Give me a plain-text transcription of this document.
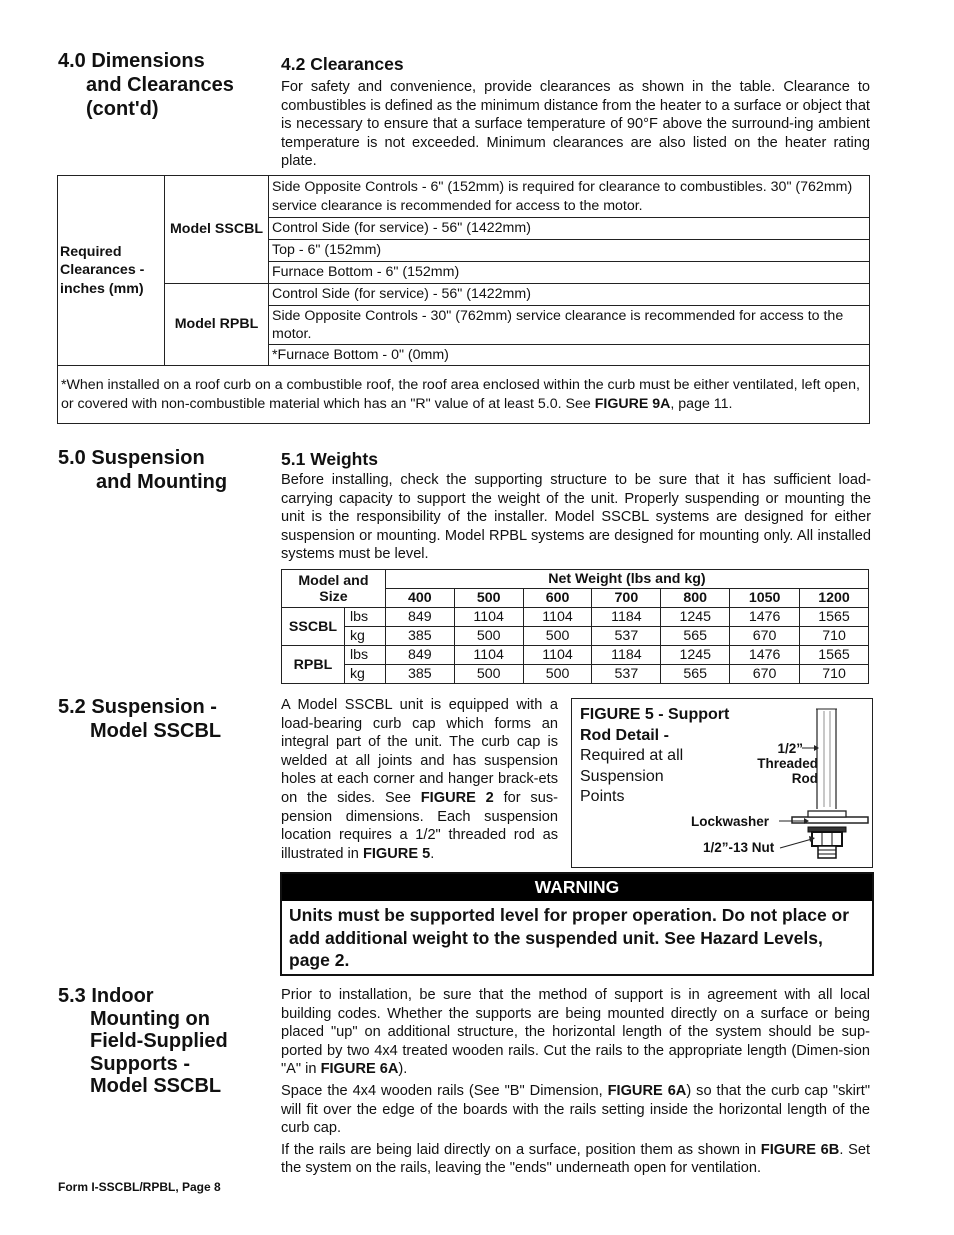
4.0 Dimensions
and Clearances
(cont'd)
4.2 Clearances

For safety and convenience, provide clearances as shown in the table. Clearance to combustibles is defined as the minimum distance from the heater to a surface or object that is necessary to ensure that a surface temperature of 90°F above the surround-ing ambient temperature is not exceeded. Minimum clearances are also listed on the heater rating plate.

Required Clearances - inches (mm)	Model SSCBL	Side Opposite Controls - 6" (152mm) is required for clearance to combustibles. 30" (762mm) service clearance is recommended for access to the motor.
		Control Side (for service) - 56" (1422mm)
		Top - 6" (152mm)
		Furnace Bottom - 6" (152mm)
	Model RPBL	Control Side (for service) - 56" (1422mm)
		Side Opposite Controls - 30" (762mm) service clearance is recommended for access to the motor.
		*Furnace Bottom - 0" (0mm)
*When installed on a roof curb on a combustible roof, the roof area enclosed within the curb must be either ventilated, left open, or covered with non-combustible material which has an "R" value of at least 5.0. See FIGURE 9A, page 11.		
5.0 Suspension
and Mounting
5.1 Weights

Before installing, check the supporting structure to be sure that it has sufficient load-carrying capacity to support the weight of the unit. Properly suspending or mounting the unit is the responsibility of the installer. Model SSCBL systems are designed for either suspension or mounting. Model RPBL systems are designed for mounting only. All installed systems must be level.

Model and
Size		Net Weight (lbs and kg)						
		400	500	600	700	800	1050	1200
SSCBL	lbs	849	1104	1104	1184	1245	1476	1565
	kg	385	500	500	537	565	670	710
RPBL	lbs	849	1104	1104	1184	1245	1476	1565
	kg	385	500	500	537	565	670	710
5.2 Suspension -
Model SSCBL

A Model SSCBL unit is equipped with a load-bearing curb cap which forms an integral part of the unit. The curb cap is welded at all joints and has suspension holes at each corner and hanger brack-ets on the sides. See FIGURE 2 for sus-pension dimensions. Each suspension location requires a 1/2" threaded rod as illustrated in FIGURE 5.

FIGURE 5 - Support
Rod Detail -
Required at all
Suspension
Points
1/2”
Threaded
Rod
Lockwasher
1/2”-13 Nut
WARNING
Units must be supported level for proper operation. Do not place or add additional weight to the suspended unit. See Hazard Levels, page 2.
5.3 Indoor
Mounting on
Field-Supplied
Supports -
Model SSCBL

Prior to installation, be sure that the method of support is in agreement with all local building codes. Whether the supports are being mounted directly on a surface or being placed "up" on additional structure, the horizontal length of the system should be sup-ported by two 4x4 treated wooden rails. Cut the rails to the appropriate length (Dimen-sion "A" in FIGURE 6A).

Space the 4x4 wooden rails (See "B" Dimension, FIGURE 6A) so that the curb cap "skirt" will fit over the edge of the boards with the rails setting inside the horizontal length of the curb cap.

If the rails are being laid directly on a surface, position them as shown in FIGURE 6B. Set the system on the rails, leaving the "ends" underneath open for ventilation.

Form I-SSCBL/RPBL, Page 8
